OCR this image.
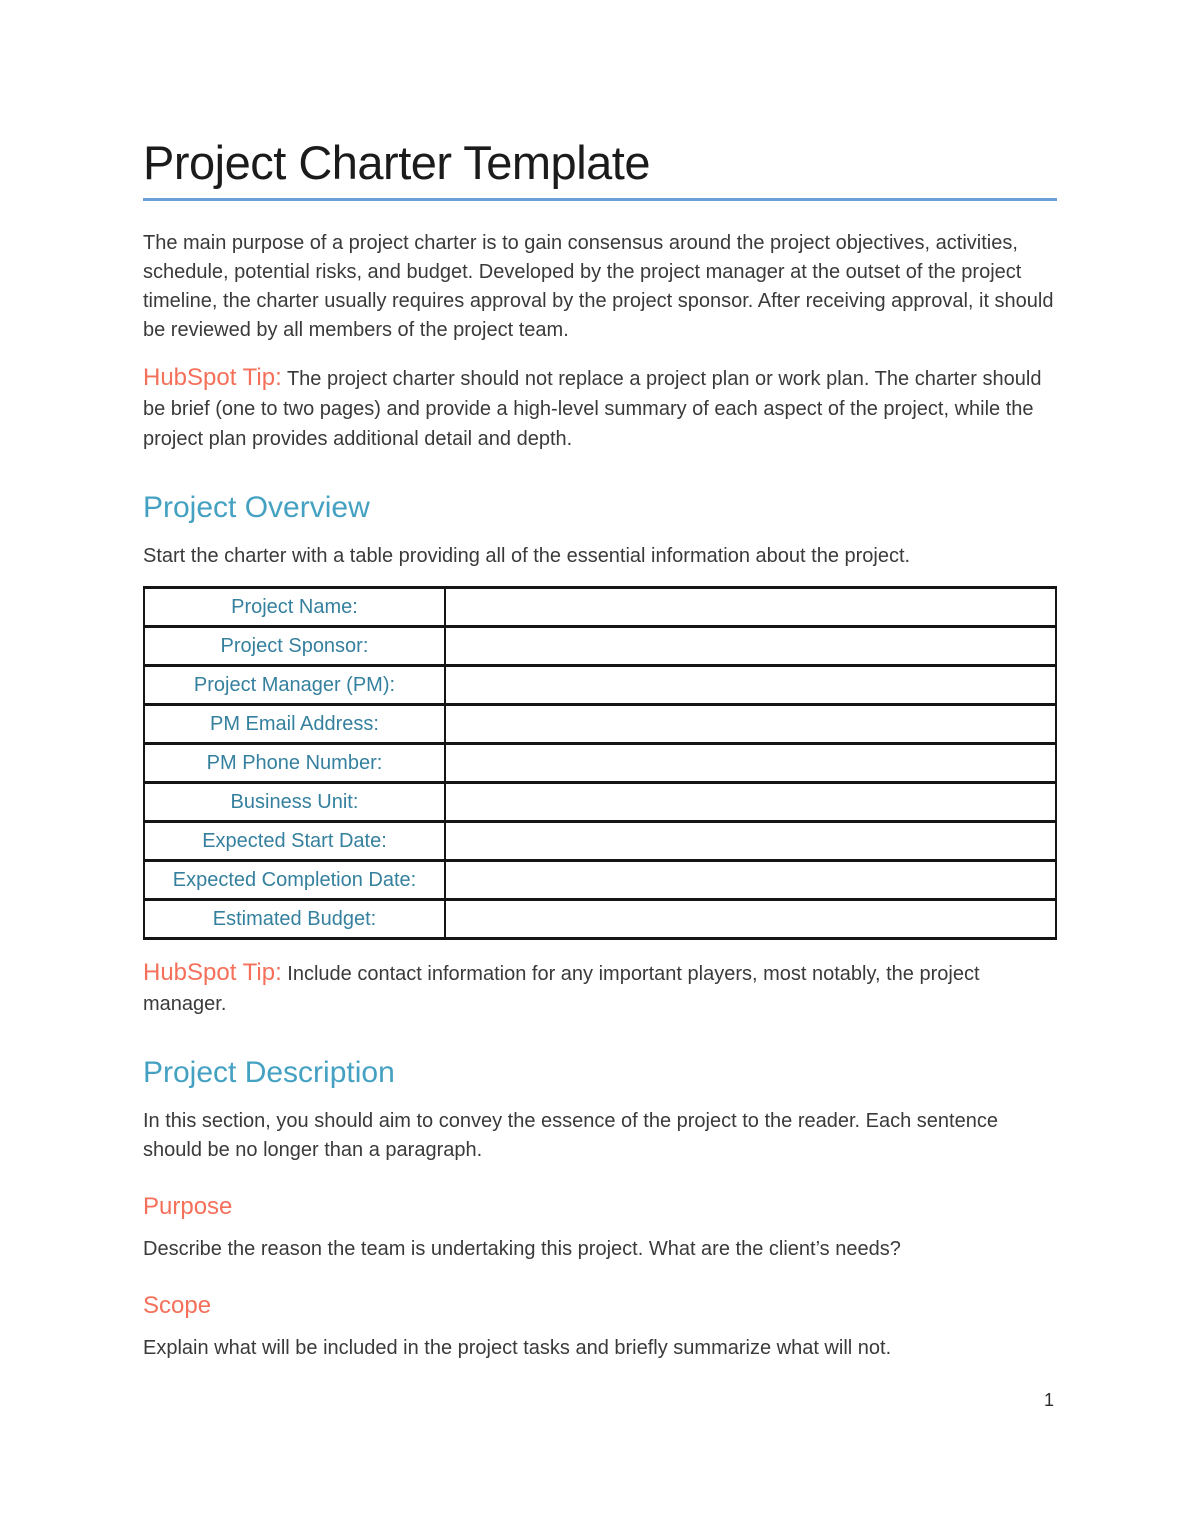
Project Charter Template

The main purpose of a project charter is to gain consensus around the project objectives, activities, schedule, potential risks, and budget. Developed by the project manager at the outset of the project timeline, the charter usually requires approval by the project sponsor. After receiving approval, it should be reviewed by all members of the project team.

HubSpot Tip: The project charter should not replace a project plan or work plan. The charter should be brief (one to two pages) and provide a high-level summary of each aspect of the project, while the project plan provides additional detail and depth.

Project Overview

Start the charter with a table providing all of the essential information about the project.

Project Name:	
Project Sponsor:	
Project Manager (PM):	
PM Email Address:	
PM Phone Number:	
Business Unit:	
Expected Start Date:	
Expected Completion Date:	
Estimated Budget:	

HubSpot Tip: Include contact information for any important players, most notably, the project manager.

Project Description

In this section, you should aim to convey the essence of the project to the reader. Each sentence should be no longer than a paragraph.

Purpose

Describe the reason the team is undertaking this project. What are the client’s needs?

Scope

Explain what will be included in the project tasks and briefly summarize what will not.

1
